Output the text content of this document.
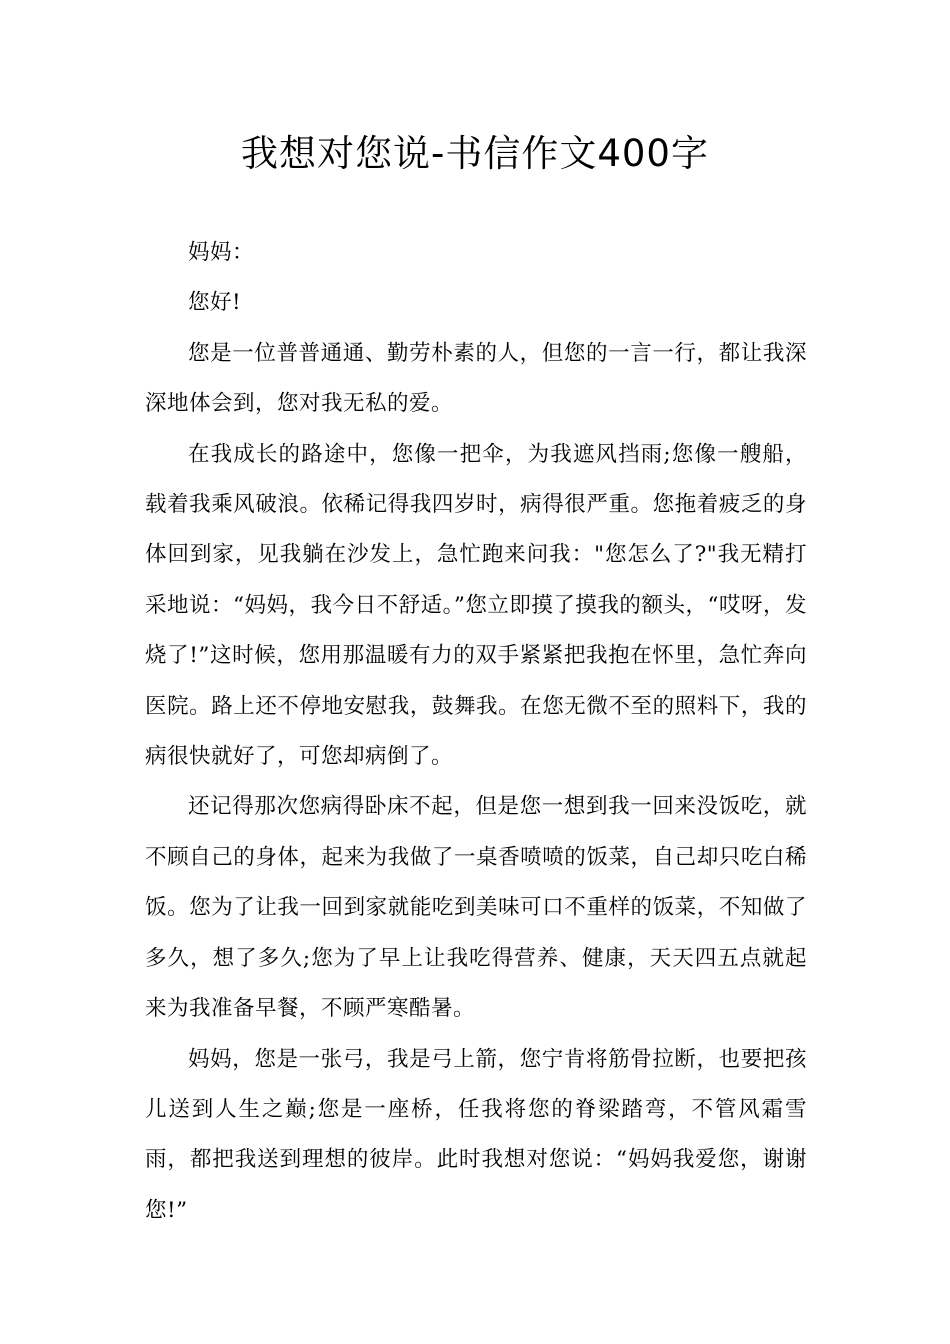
我想对您说-书信作文400字

妈妈：

您好!

您是一位普普通通、勤劳朴素的人，但您的一言一行，都让我深深地体会到，您对我无私的爱。

在我成长的路途中，您像一把伞，为我遮风挡雨;您像一艘船，载着我乘风破浪。依稀记得我四岁时，病得很严重。您拖着疲乏的身体回到家，见我躺在沙发上，急忙跑来问我："您怎么了?"我无精打采地说：“妈妈，我今日不舒适。”您立即摸了摸我的额头，“哎呀，发烧了!”这时候，您用那温暖有力的双手紧紧把我抱在怀里，急忙奔向医院。路上还不停地安慰我，鼓舞我。在您无微不至的照料下，我的病很快就好了，可您却病倒了。

还记得那次您病得卧床不起，但是您一想到我一回来没饭吃，就不顾自己的身体，起来为我做了一桌香喷喷的饭菜，自己却只吃白稀饭。您为了让我一回到家就能吃到美味可口不重样的饭菜，不知做了多久，想了多久;您为了早上让我吃得营养、健康，天天四五点就起来为我准备早餐，不顾严寒酷暑。

妈妈，您是一张弓，我是弓上箭，您宁肯将筋骨拉断，也要把孩儿送到人生之巅;您是一座桥，任我将您的脊梁踏弯，不管风霜雪雨，都把我送到理想的彼岸。此时我想对您说：“妈妈我爱您，谢谢您!”
